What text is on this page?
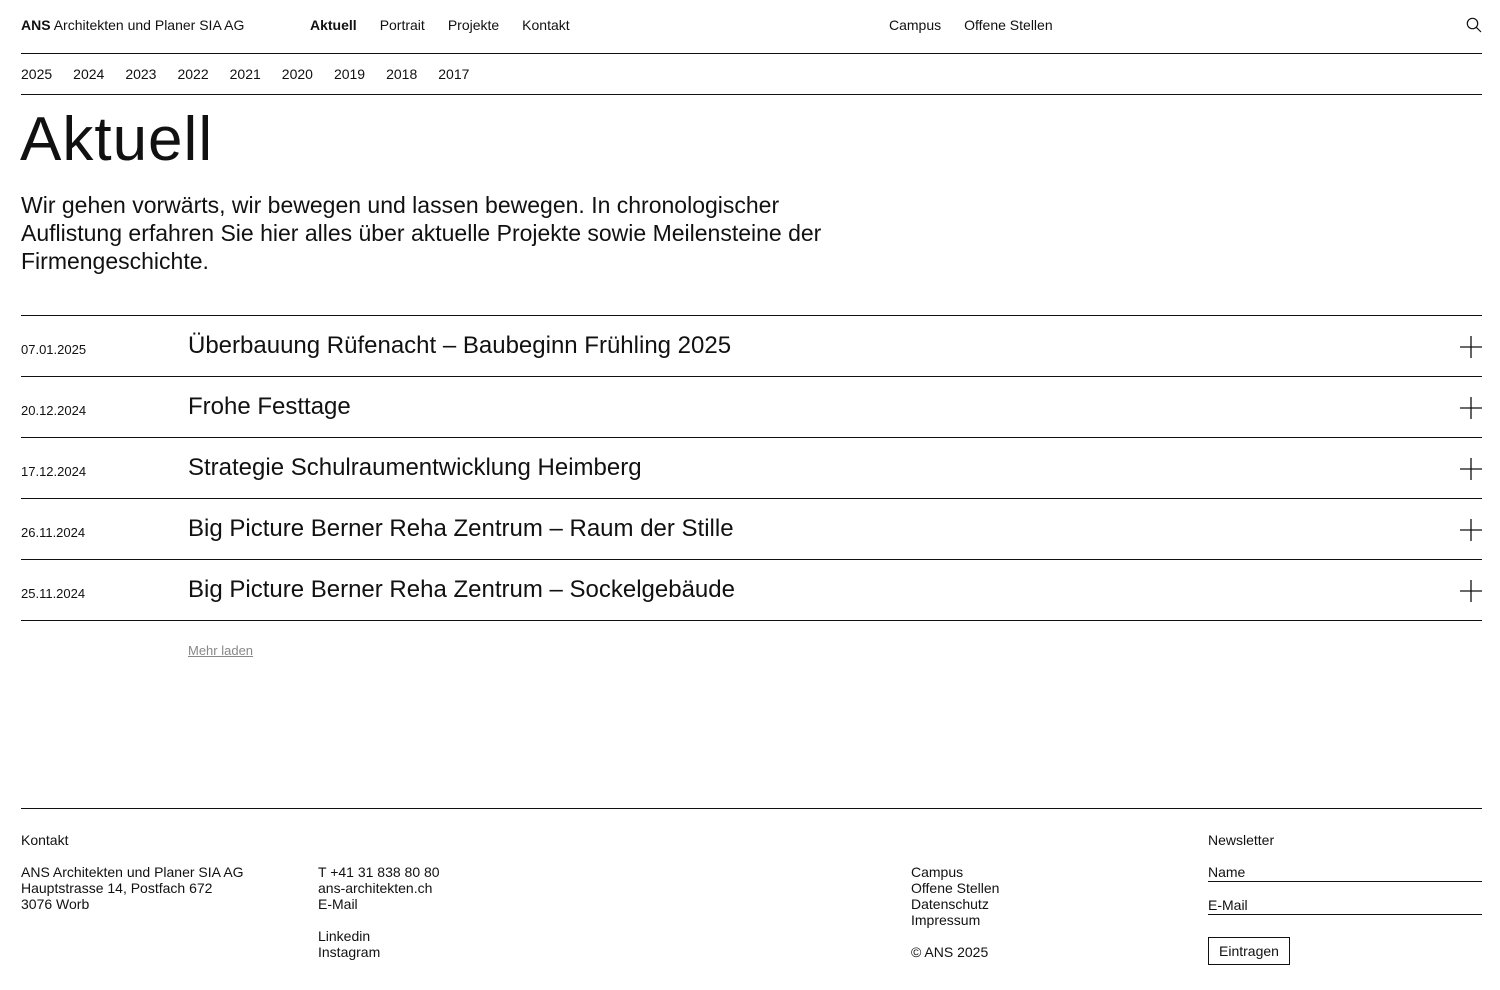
ANS Architekten und Planer SIA AG	Aktuell Portrait Projekte Kontakt	Campus Offene Stellen
2025 2024 2023 2022 2021 2020 2019 2018 2017
Aktuell

Wir gehen vorwärts, wir bewegen und lassen bewegen. In chronologischer Auflistung erfahren Sie hier alles über aktuelle Projekte sowie Meilensteine der Firmengeschichte.

07.01.2025	Überbauung Rüfenacht – Baubeginn Frühling 2025
20.12.2024	Frohe Festtage
17.12.2024	Strategie Schulraumentwicklung Heimberg
26.11.2024	Big Picture Berner Reha Zentrum – Raum der Stille
25.11.2024	Big Picture Berner Reha Zentrum – Sockelgebäude
Mehr laden
Kontakt
ANS Architekten und Planer SIA AG
Hauptstrasse 14, Postfach 672
3076 Worb
T +41 31 838 80 80
ans-architekten.ch
E-Mail
Linkedin
Instagram
Campus
Offene Stellen
Datenschutz
Impressum
© ANS 2025
Newsletter
Name
E-Mail
Eintragen
